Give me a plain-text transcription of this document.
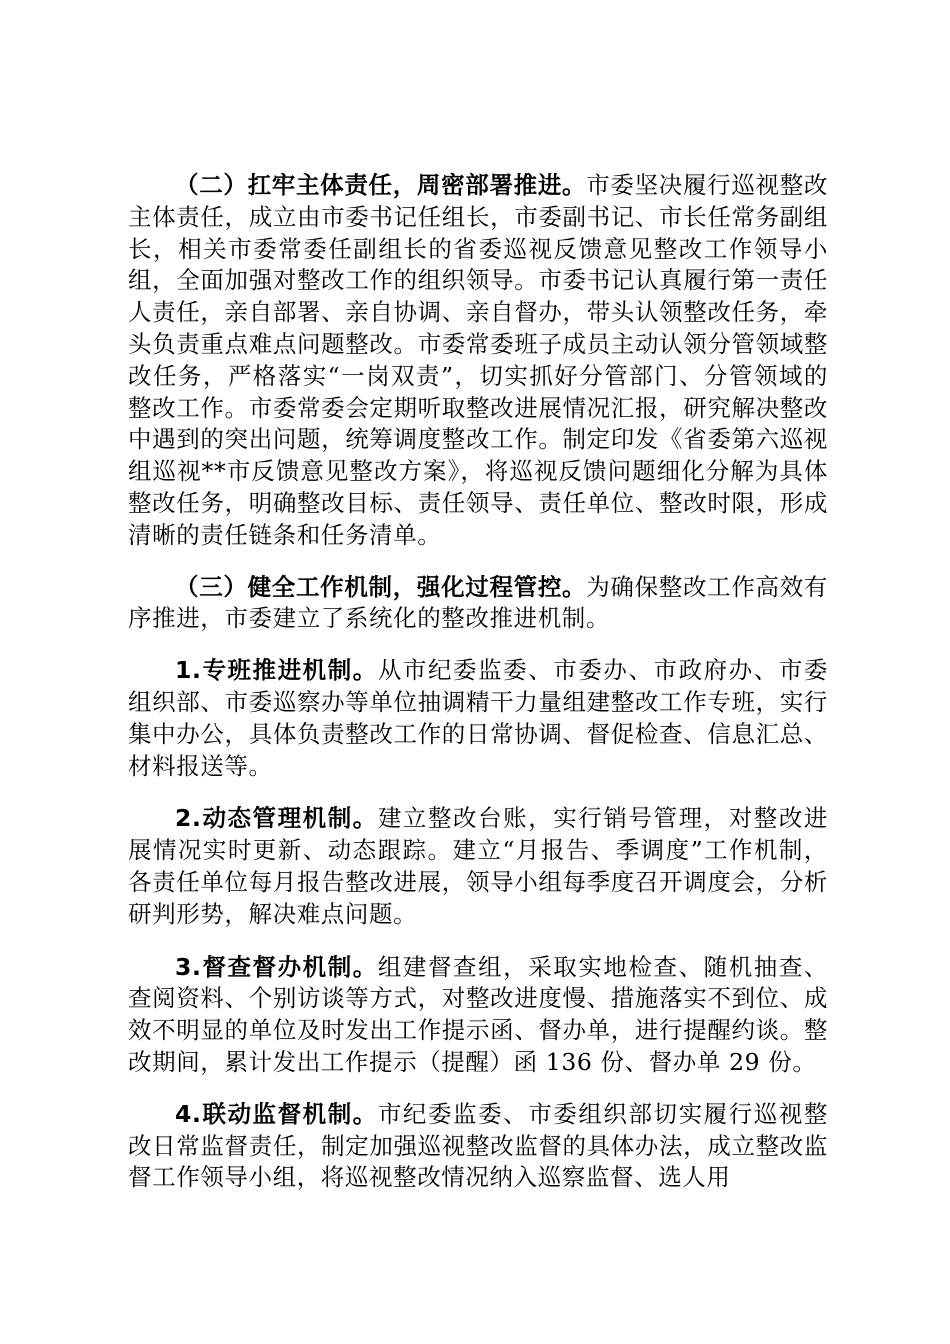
（二）扛牢主体责任，周密部署推进。市委坚决履行巡视整改主体责任，成立由市委书记任组长，市委副书记、市长任常务副组长，相关市委常委任副组长的省委巡视反馈意见整改工作领导小组，全面加强对整改工作的组织领导。市委书记认真履行第一责任人责任，亲自部署、亲自协调、亲自督办，带头认领整改任务，牵头负责重点难点问题整改。市委常委班子成员主动认领分管领域整改任务，严格落实“一岗双责”，切实抓好分管部门、分管领域的整改工作。市委常委会定期听取整改进展情况汇报，研究解决整改中遇到的突出问题，统筹调度整改工作。制定印发《省委第六巡视组巡视**市反馈意见整改方案》，将巡视反馈问题细化分解为具体整改任务，明确整改目标、责任领导、责任单位、整改时限，形成清晰的责任链条和任务清单。

（三）健全工作机制，强化过程管控。为确保整改工作高效有序推进，市委建立了系统化的整改推进机制。

1.专班推进机制。从市纪委监委、市委办、市政府办、市委组织部、市委巡察办等单位抽调精干力量组建整改工作专班，实行集中办公，具体负责整改工作的日常协调、督促检查、信息汇总、材料报送等。

2.动态管理机制。建立整改台账，实行销号管理，对整改进展情况实时更新、动态跟踪。建立“月报告、季调度”工作机制，各责任单位每月报告整改进展，领导小组每季度召开调度会，分析研判形势，解决难点问题。

3.督查督办机制。组建督查组，采取实地检查、随机抽查、查阅资料、个别访谈等方式，对整改进度慢、措施落实不到位、成效不明显的单位及时发出工作提示函、督办单，进行提醒约谈。整改期间，累计发出工作提示（提醒）函 136 份、督办单 29 份。

4.联动监督机制。市纪委监委、市委组织部切实履行巡视整改日常监督责任，制定加强巡视整改监督的具体办法，成立整改监督工作领导小组，将巡视整改情况纳入巡察监督、选人用
